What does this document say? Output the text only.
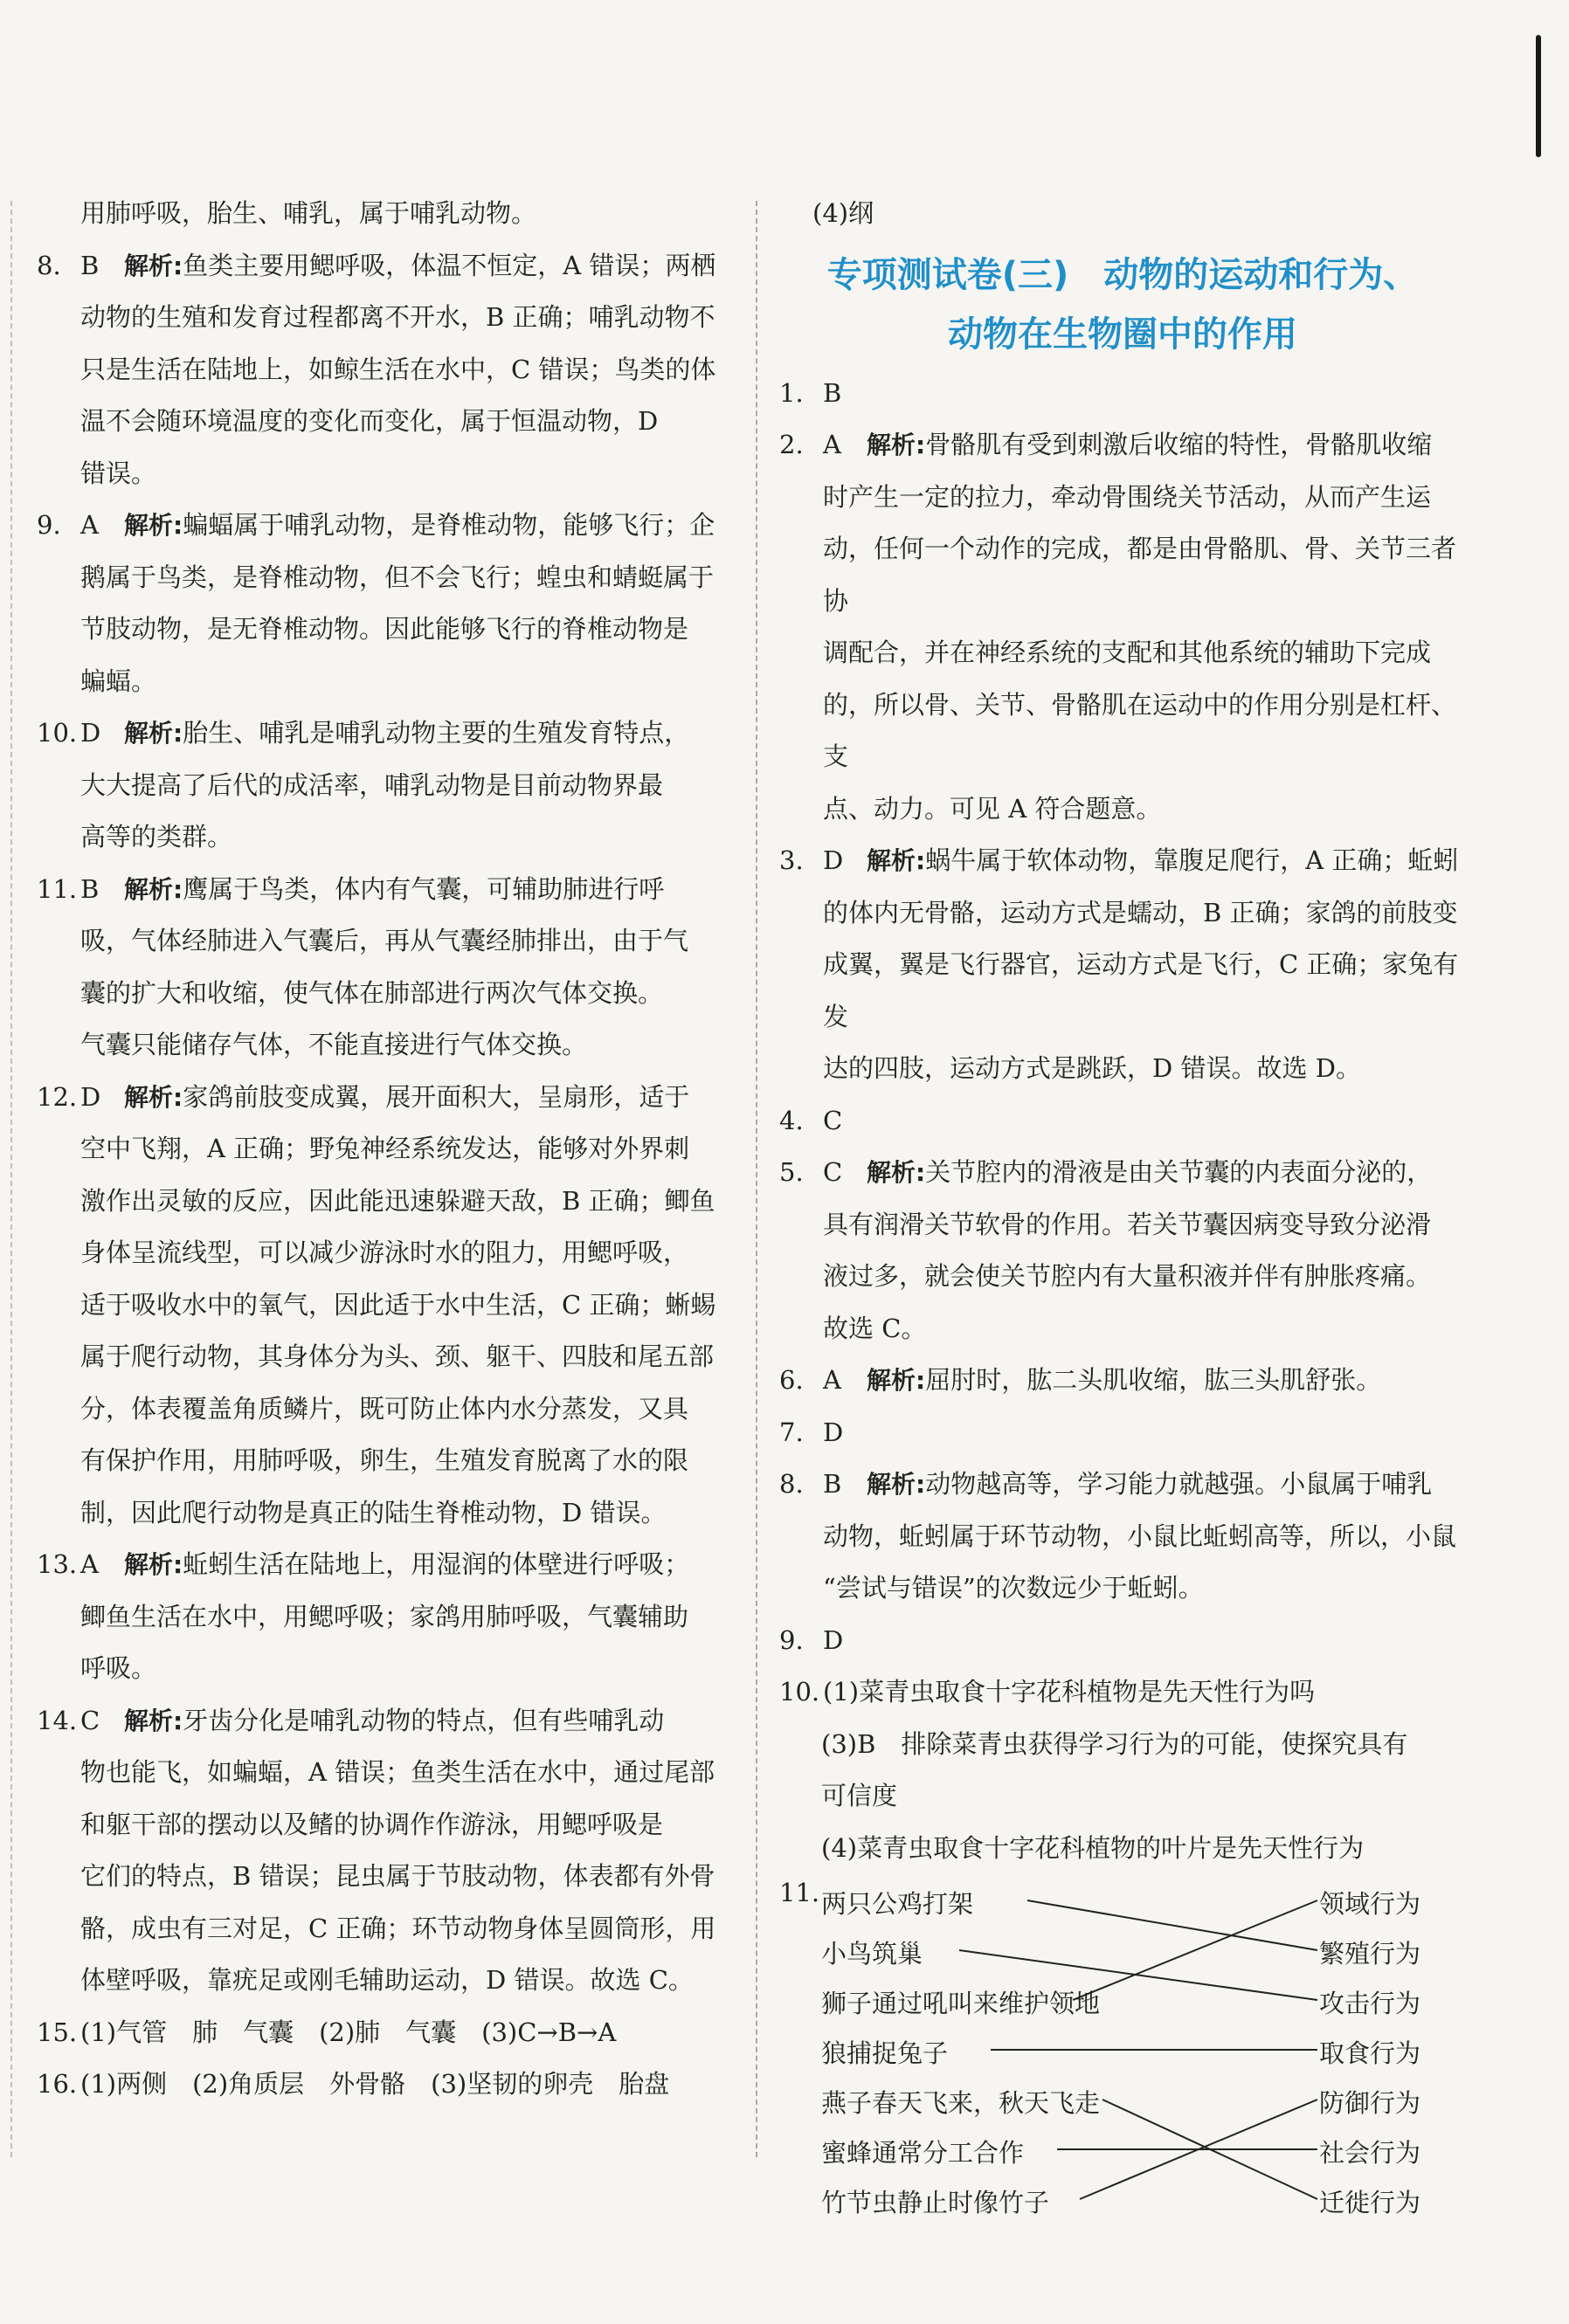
用肺呼吸，胎生、哺乳，属于哺乳动物。
8. B 解析:鱼类主要用鳃呼吸，体温不恒定，A 错误；两栖
动物的生殖和发育过程都离不开水，B 正确；哺乳动物不
只是生活在陆地上，如鲸生活在水中，C 错误；鸟类的体
温不会随环境温度的变化而变化，属于恒温动物，D
错误。
9. A 解析:蝙蝠属于哺乳动物，是脊椎动物，能够飞行；企
鹅属于鸟类，是脊椎动物，但不会飞行；蝗虫和蜻蜓属于
节肢动物，是无脊椎动物。因此能够飞行的脊椎动物是
蝙蝠。
10. D 解析:胎生、哺乳是哺乳动物主要的生殖发育特点，
大大提高了后代的成活率，哺乳动物是目前动物界最
高等的类群。
11. B 解析:鹰属于鸟类，体内有气囊，可辅助肺进行呼
吸，气体经肺进入气囊后，再从气囊经肺排出，由于气
囊的扩大和收缩，使气体在肺部进行两次气体交换。
气囊只能储存气体，不能直接进行气体交换。
12. D 解析:家鸽前肢变成翼，展开面积大，呈扇形，适于
空中飞翔，A 正确；野兔神经系统发达，能够对外界刺
激作出灵敏的反应，因此能迅速躲避天敌，B 正确；鲫鱼
身体呈流线型，可以减少游泳时水的阻力，用鳃呼吸，
适于吸收水中的氧气，因此适于水中生活，C 正确；蜥蜴
属于爬行动物，其身体分为头、颈、躯干、四肢和尾五部
分，体表覆盖角质鳞片，既可防止体内水分蒸发，又具
有保护作用，用肺呼吸，卵生，生殖发育脱离了水的限
制，因此爬行动物是真正的陆生脊椎动物，D 错误。
13. A 解析:蚯蚓生活在陆地上，用湿润的体壁进行呼吸；
鲫鱼生活在水中，用鳃呼吸；家鸽用肺呼吸，气囊辅助
呼吸。
14. C 解析:牙齿分化是哺乳动物的特点，但有些哺乳动
物也能飞，如蝙蝠，A 错误；鱼类生活在水中，通过尾部
和躯干部的摆动以及鳍的协调作作游泳，用鳃呼吸是
它们的特点，B 错误；昆虫属于节肢动物，体表都有外骨
骼，成虫有三对足，C 正确；环节动物身体呈圆筒形，用
体壁呼吸，靠疣足或刚毛辅助运动，D 错误。故选 C。
15. (1)气管　肺　气囊　(2)肺　气囊　(3)C→B→A
16. (1)两侧　(2)角质层　外骨骼　(3)坚韧的卵壳　胎盘
(4)纲
专项测试卷(三)　动物的运动和行为、
动物在生物圈中的作用
1. B
2. A 解析:骨骼肌有受到刺激后收缩的特性，骨骼肌收缩
时产生一定的拉力，牵动骨围绕关节活动，从而产生运
动，任何一个动作的完成，都是由骨骼肌、骨、关节三者协
调配合，并在神经系统的支配和其他系统的辅助下完成
的，所以骨、关节、骨骼肌在运动中的作用分别是杠杆、支
点、动力。可见 A 符合题意。
3. D 解析:蜗牛属于软体动物，靠腹足爬行，A 正确；蚯蚓
的体内无骨骼，运动方式是蠕动，B 正确；家鸽的前肢变
成翼，翼是飞行器官，运动方式是飞行，C 正确；家兔有发
达的四肢，运动方式是跳跃，D 错误。故选 D。
4. C
5. C 解析:关节腔内的滑液是由关节囊的内表面分泌的，
具有润滑关节软骨的作用。若关节囊因病变导致分泌滑
液过多，就会使关节腔内有大量积液并伴有肿胀疼痛。
故选 C。
6. A 解析:屈肘时，肱二头肌收缩，肱三头肌舒张。
7. D
8. B 解析:动物越高等，学习能力就越强。小鼠属于哺乳
动物，蚯蚓属于环节动物，小鼠比蚯蚓高等，所以，小鼠
“尝试与错误”的次数远少于蚯蚓。
9. D
10. (1)菜青虫取食十字花科植物是先天性行为吗
(3)B　排除菜青虫获得学习行为的可能，使探究具有
可信度
(4)菜青虫取食十字花科植物的叶片是先天性行为
11. 两只公鸡打架
小鸟筑巢
狮子通过吼叫来维护领地
狼捕捉兔子
燕子春天飞来，秋天飞走
蜜蜂通常分工合作
竹节虫静止时像竹子
领域行为
繁殖行为
攻击行为
取食行为
防御行为
社会行为
迁徙行为
